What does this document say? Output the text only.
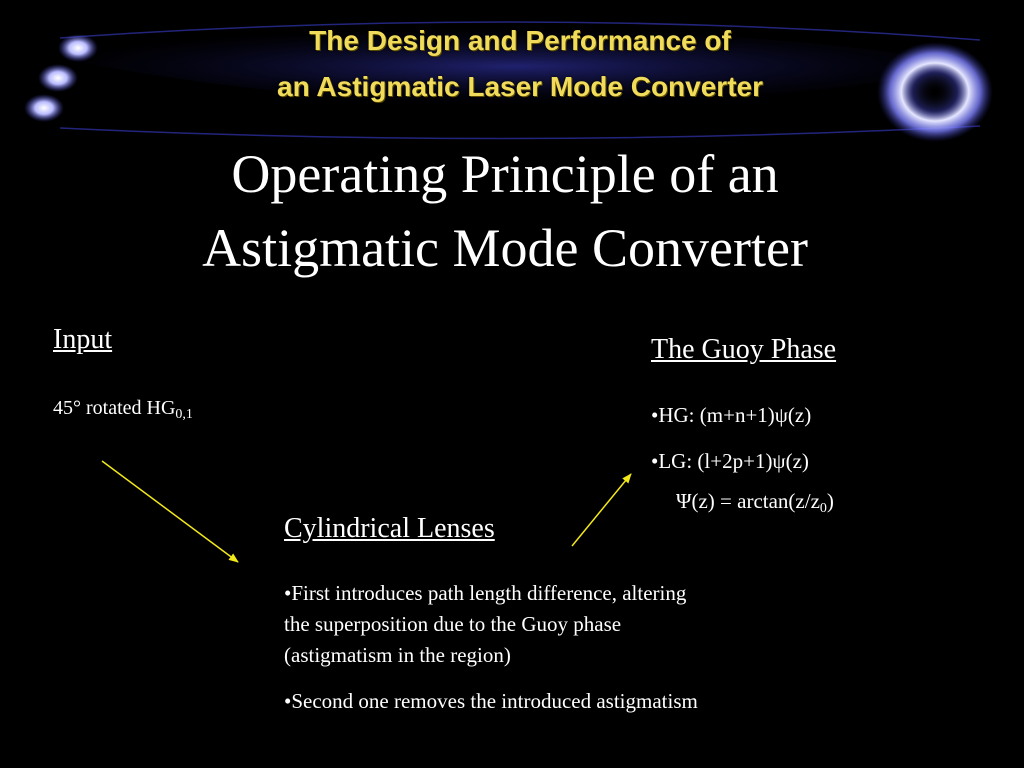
The Design and Performance of
an Astigmatic Laser Mode Converter
Operating Principle of an
Astigmatic Mode Converter
Input
45° rotated $HG_{0,1}$
The Guoy Phase
•HG: (m+n+1)ψ(z)
•LG: (l+2p+1)ψ(z)
$\Psi(z) = \arctan(z/z_0)$
Cylindrical Lenses
•First introduces path length difference, altering
the superposition due to the Guoy phase
(astigmatism in the region)
•Second one removes the introduced astigmatism
